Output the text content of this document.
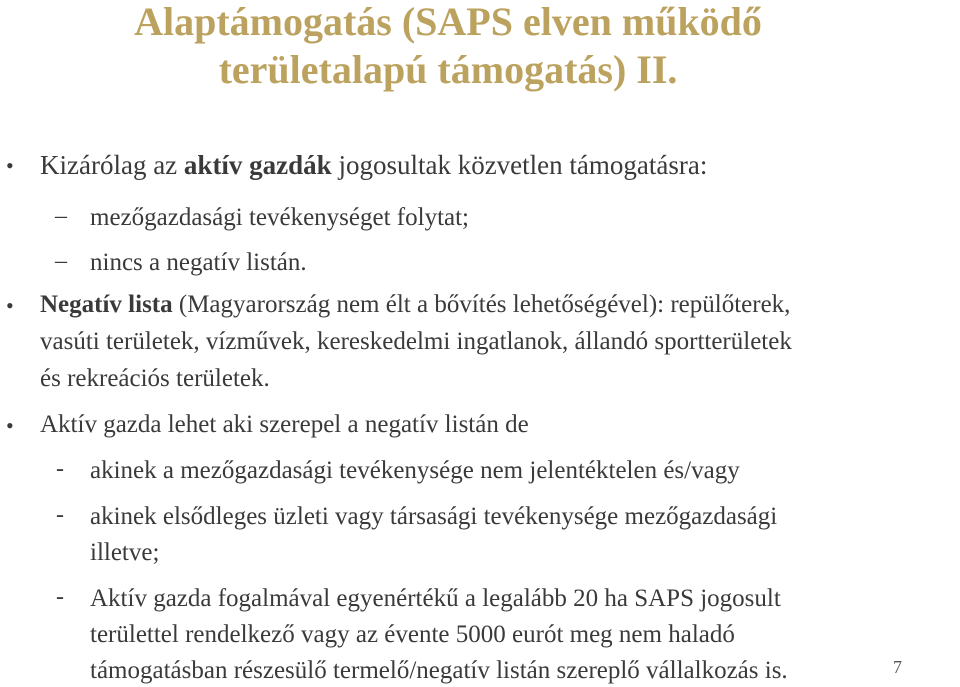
Alaptámogatás (SAPS elven működő
területalapú támogatás) II.
• Kizárólag az aktív gazdák jogosultak közvetlen támogatásra:
– mezőgazdasági tevékenységet folytat;
– nincs a negatív listán.
• Negatív lista (Magyarország nem élt a bővítés lehetőségével): repülőterek,
vasúti területek, vízművek, kereskedelmi ingatlanok, állandó sportterületek
és rekreációs területek.
• Aktív gazda lehet aki szerepel a negatív listán de
- akinek a mezőgazdasági tevékenysége nem jelentéktelen és/vagy
- akinek elsődleges üzleti vagy társasági tevékenysége mezőgazdasági
illetve;
- Aktív gazda fogalmával egyenértékű a legalább 20 ha SAPS jogosult
területtel rendelkező vagy az évente 5000 eurót meg nem haladó
támogatásban részesülő termelő/negatív listán szereplő vállalkozás is.	7
